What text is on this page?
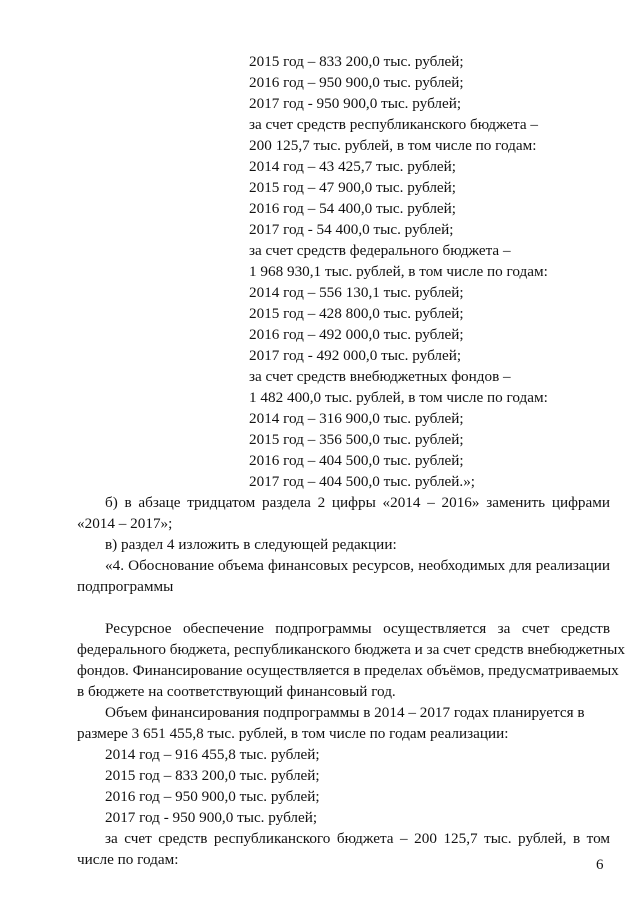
2015 год – 833 200,0 тыс. рублей;
2016 год – 950 900,0 тыс. рублей;
2017 год - 950 900,0 тыс. рублей;
за счет средств республиканского бюджета –
200 125,7 тыс. рублей, в том числе по годам:
2014 год – 43 425,7 тыс. рублей;
2015 год – 47 900,0 тыс. рублей;
2016 год – 54 400,0 тыс. рублей;
2017 год - 54 400,0 тыс. рублей;
за счет средств федерального бюджета –
1 968 930,1 тыс. рублей, в том числе по годам:
2014 год – 556 130,1 тыс. рублей;
2015 год – 428 800,0 тыс. рублей;
2016 год – 492 000,0 тыс. рублей;
2017 год - 492 000,0 тыс. рублей;
за счет средств внебюджетных фондов –
1 482 400,0 тыс. рублей, в том числе по годам:
2014 год – 316 900,0 тыс. рублей;
2015 год – 356 500,0 тыс. рублей;
2016 год – 404 500,0 тыс. рублей;
2017 год – 404 500,0 тыс. рублей.»;
б) в абзаце тридцатом раздела 2 цифры «2014 – 2016» заменить цифрами
«2014 – 2017»;
в) раздел 4 изложить в следующей редакции:
«4. Обоснование объема финансовых ресурсов, необходимых для реализации
подпрограммы
Ресурсное обеспечение подпрограммы осуществляется за счет средств
федерального бюджета, республиканского бюджета и за счет средств внебюджетных
фондов. Финансирование осуществляется в пределах объёмов, предусматриваемых
в бюджете на соответствующий финансовый год.
Объем финансирования подпрограммы в 2014 – 2017 годах планируется в
размере 3 651 455,8 тыс. рублей, в том числе по годам реализации:
2014 год – 916 455,8 тыс. рублей;
2015 год – 833 200,0 тыс. рублей;
2016 год – 950 900,0 тыс. рублей;
2017 год - 950 900,0 тыс. рублей;
за счет средств республиканского бюджета – 200 125,7 тыс. рублей, в том
числе по годам:	6
